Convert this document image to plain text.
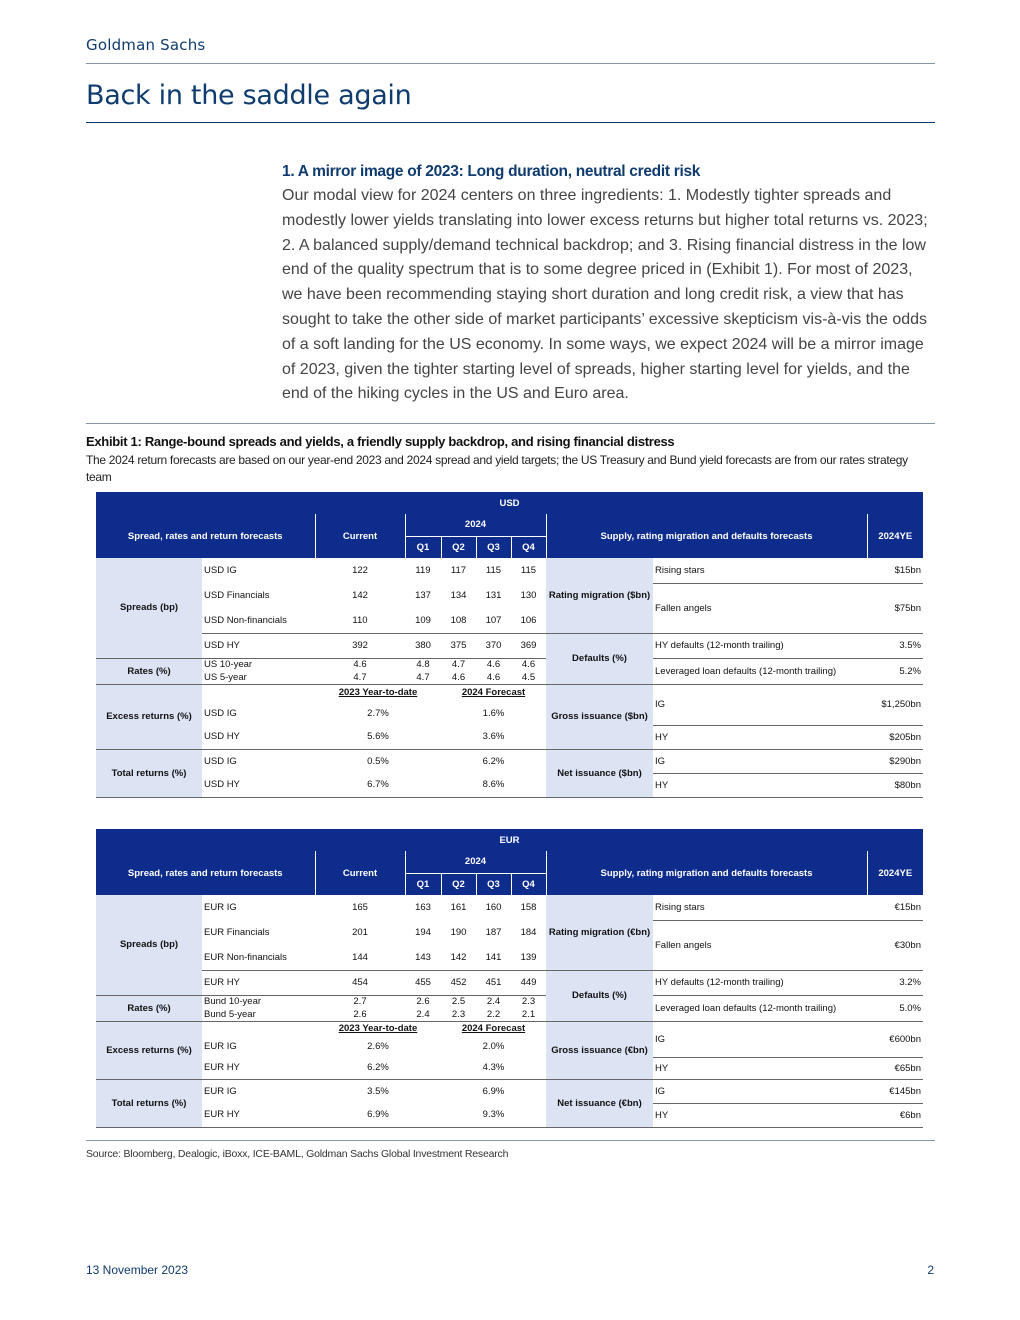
Goldman Sachs
Back in the saddle again
1. A mirror image of 2023: Long duration, neutral credit risk
Our modal view for 2024 centers on three ingredients: 1. Modestly tighter spreads and modestly lower yields translating into lower excess returns but higher total returns vs. 2023; 2. A balanced supply/demand technical backdrop; and 3. Rising financial distress in the low end of the quality spectrum that is to some degree priced in (Exhibit 1). For most of 2023, we have been recommending staying short duration and long credit risk, a view that has sought to take the other side of market participants’ excessive skepticism vis-à-vis the odds of a soft landing for the US economy. In some ways, we expect 2024 will be a mirror image of 2023, given the tighter starting level of spreads, higher starting level for yields, and the end of the hiking cycles in the US and Euro area.
Exhibit 1: Range-bound spreads and yields, a friendly supply backdrop, and rising financial distress
The 2024 return forecasts are based on our year-end 2023 and 2024 spread and yield targets; the US Treasury and Bund yield forecasts are from our rates strategy team
USD									
Spread, rates and return forecasts		Current	2024				Supply, rating migration and defaults forecasts		2024YE
			Q1	Q2	Q3	Q4			
Spreads (bp)	USD IG	122	119	117	115	115	Rating migration ($bn)	Rising stars	$15bn
	USD Financials	142	137	134	131	130		Fallen angels	$75bn
	USD Non-financials	110	109	108	107	106			
	USD HY	392	380	375	370	369	Defaults (%)	HY defaults (12-month trailing)	3.5%
Rates (%)	US 10-year	4.6	4.8	4.7	4.6	4.6		Leveraged loan defaults (12-month trailing)	5.2%
	US 5-year	4.7	4.7	4.6	4.6	4.5			
Excess returns (%)		2023 Year-to-date		2024 Forecast			Gross issuance ($bn)	IG	$1,250bn
	USD IG	2.7%		1.6%					
	USD HY	5.6%		3.6%				HY	$205bn
Total returns (%)	USD IG	0.5%		6.2%			Net issuance ($bn)	IG	$290bn
	USD HY	6.7%		8.6%				HY	$80bn
EUR									
Spread, rates and return forecasts		Current	2024				Supply, rating migration and defaults forecasts		2024YE
			Q1	Q2	Q3	Q4			
Spreads (bp)	EUR IG	165	163	161	160	158	Rating migration (€bn)	Rising stars	€15bn
	EUR Financials	201	194	190	187	184		Fallen angels	€30bn
	EUR Non-financials	144	143	142	141	139			
	EUR HY	454	455	452	451	449	Defaults (%)	HY defaults (12-month trailing)	3.2%
Rates (%)	Bund 10-year	2.7	2.6	2.5	2.4	2.3		Leveraged loan defaults (12-month trailing)	5.0%
	Bund 5-year	2.6	2.4	2.3	2.2	2.1			
Excess returns (%)		2023 Year-to-date		2024 Forecast			Gross issuance (€bn)	IG	€600bn
	EUR IG	2.6%		2.0%					
	EUR HY	6.2%		4.3%				HY	€65bn
Total returns (%)	EUR IG	3.5%		6.9%			Net issuance (€bn)	IG	€145bn
	EUR HY	6.9%		9.3%				HY	€6bn
Source: Bloomberg, Dealogic, iBoxx, ICE-BAML, Goldman Sachs Global Investment Research
13 November 2023	2
